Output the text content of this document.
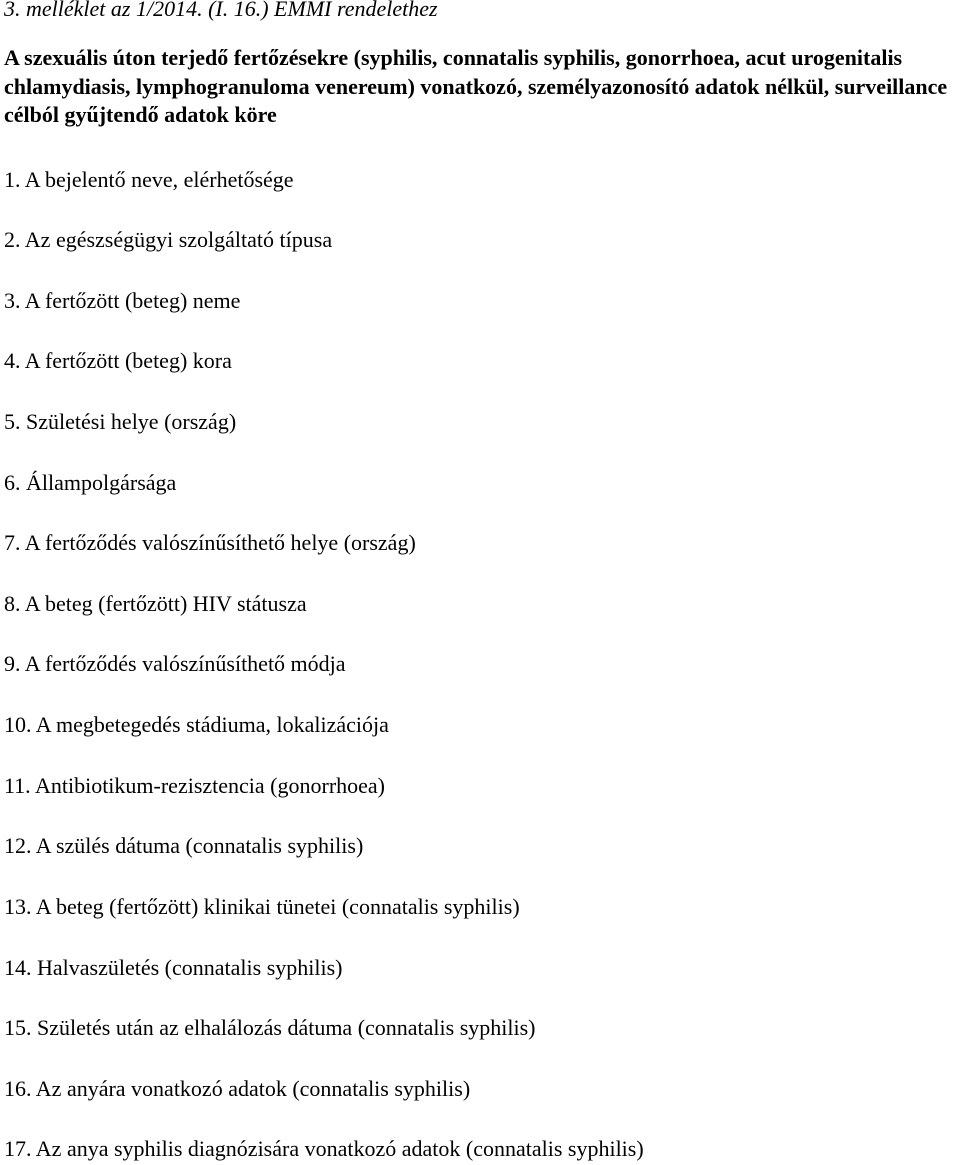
3. melléklet az 1/2014. (I. 16.) EMMI rendelethez

A szexuális úton terjedő fertőzésekre (syphilis, connatalis syphilis, gonorrhoea, acut urogenitalis chlamydiasis, lymphogranuloma venereum) vonatkozó, személyazonosító adatok nélkül, surveillance célból gyűjtendő adatok köre
1. A bejelentő neve, elérhetősége
2. Az egészségügyi szolgáltató típusa
3. A fertőzött (beteg) neme
4. A fertőzött (beteg) kora
5. Születési helye (ország)
6. Állampolgársága
7. A fertőződés valószínűsíthető helye (ország)
8. A beteg (fertőzött) HIV státusza
9. A fertőződés valószínűsíthető módja
10. A megbetegedés stádiuma, lokalizációja
11. Antibiotikum-rezisztencia (gonorrhoea)
12. A szülés dátuma (connatalis syphilis)
13. A beteg (fertőzött) klinikai tünetei (connatalis syphilis)
14. Halvaszületés (connatalis syphilis)
15. Születés után az elhalálozás dátuma (connatalis syphilis)
16. Az anyára vonatkozó adatok (connatalis syphilis)
17. Az anya syphilis diagnózisára vonatkozó adatok (connatalis syphilis)
